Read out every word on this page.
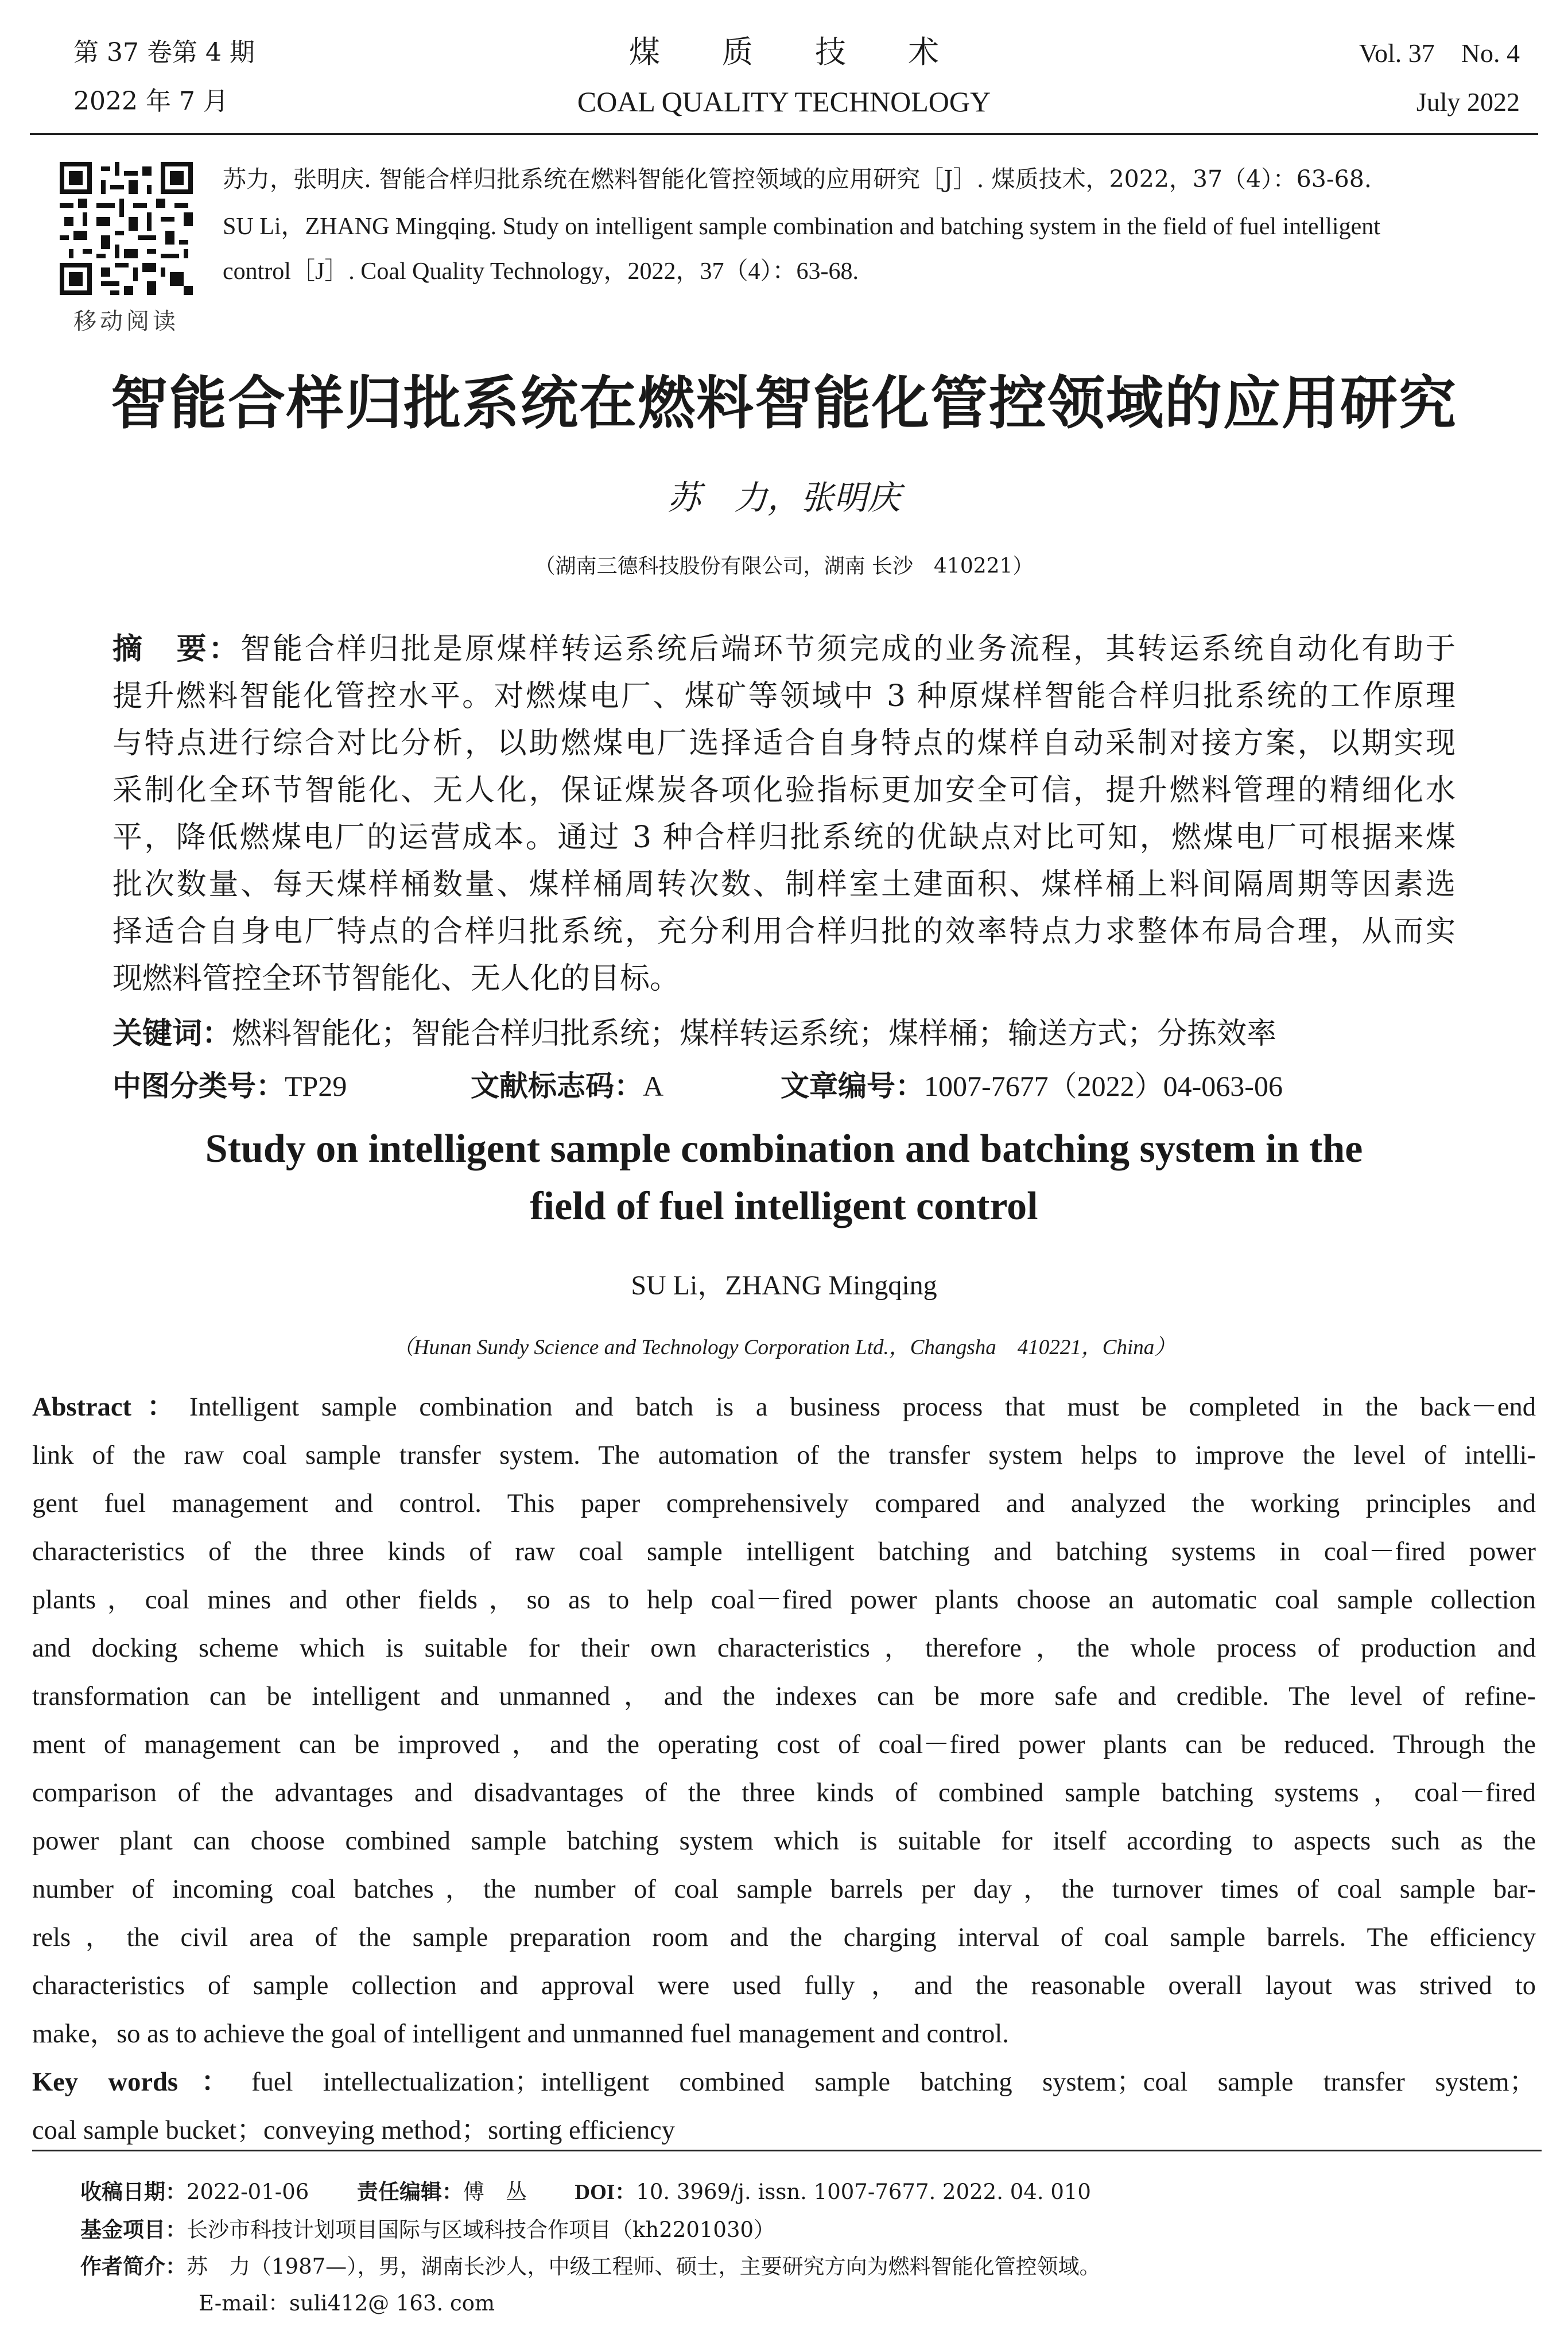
第 37 卷第 4 期
2022 年 7 月
煤　　质　　技　　术
COAL QUALITY TECHNOLOGY
Vol. 37　No. 4
July 2022
移动阅读
苏力，张明庆. 智能合样归批系统在燃料智能化管控领域的应用研究［J］. 煤质技术，2022，37（4）：63-68.
SU Li，ZHANG Mingqing. Study on intelligent sample combination and batching system in the field of fuel intelligent
control［J］. Coal Quality Technology，2022，37（4）：63-68.
智能合样归批系统在燃料智能化管控领域的应用研究
苏　力，张明庆
（湖南三德科技股份有限公司，湖南 长沙　410221）
摘　要：智能合样归批是原煤样转运系统后端环节须完成的业务流程，其转运系统自动化有助于
提升燃料智能化管控水平。对燃煤电厂、煤矿等领域中 3 种原煤样智能合样归批系统的工作原理
与特点进行综合对比分析，以助燃煤电厂选择适合自身特点的煤样自动采制对接方案，以期实现
采制化全环节智能化、无人化，保证煤炭各项化验指标更加安全可信，提升燃料管理的精细化水
平，降低燃煤电厂的运营成本。通过 3 种合样归批系统的优缺点对比可知，燃煤电厂可根据来煤
批次数量、每天煤样桶数量、煤样桶周转次数、制样室土建面积、煤样桶上料间隔周期等因素选
择适合自身电厂特点的合样归批系统，充分利用合样归批的效率特点力求整体布局合理，从而实
现燃料管控全环节智能化、无人化的目标。
关键词：燃料智能化；智能合样归批系统；煤样转运系统；煤样桶；输送方式；分拣效率
中图分类号：TP29	文献标志码：A	文章编号：1007-7677（2022）04-063-06
Study on intelligent sample combination and batching system in the
field of fuel intelligent control
SU Li，ZHANG Mingqing
（Hunan Sundy Science and Technology Corporation Ltd.，Changsha　410221，China）
Abstract：Intelligent sample combination and batch is a business process that must be completed in the back－end
link of the raw coal sample transfer system. The automation of the transfer system helps to improve the level of intelli-
gent fuel management and control. This paper comprehensively compared and analyzed the working principles and
characteristics of the three kinds of raw coal sample intelligent batching and batching systems in coal－fired power
plants，coal mines and other fields，so as to help coal－fired power plants choose an automatic coal sample collection
and docking scheme which is suitable for their own characteristics，therefore，the whole process of production and
transformation can be intelligent and unmanned，and the indexes can be more safe and credible. The level of refine-
ment of management can be improved，and the operating cost of coal－fired power plants can be reduced. Through the
comparison of the advantages and disadvantages of the three kinds of combined sample batching systems，coal－fired
power plant can choose combined sample batching system which is suitable for itself according to aspects such as the
number of incoming coal batches，the number of coal sample barrels per day，the turnover times of coal sample bar-
rels，the civil area of the sample preparation room and the charging interval of coal sample barrels. The efficiency
characteristics of sample collection and approval were used fully，and the reasonable overall layout was strived to
make，so as to achieve the goal of intelligent and unmanned fuel management and control.
Key words：fuel intellectualization；intelligent combined sample batching system；coal sample transfer system；
coal sample bucket；conveying method；sorting efficiency
收稿日期：2022-01-06 责任编辑：傅　丛 DOI：10. 3969/j. issn. 1007-7677. 2022. 04. 010
基金项目：长沙市科技计划项目国际与区域科技合作项目（kh2201030）
作者简介：苏　力（1987—），男，湖南长沙人，中级工程师、硕士，主要研究方向为燃料智能化管控领域。
E-mail：suli412@ 163. com
